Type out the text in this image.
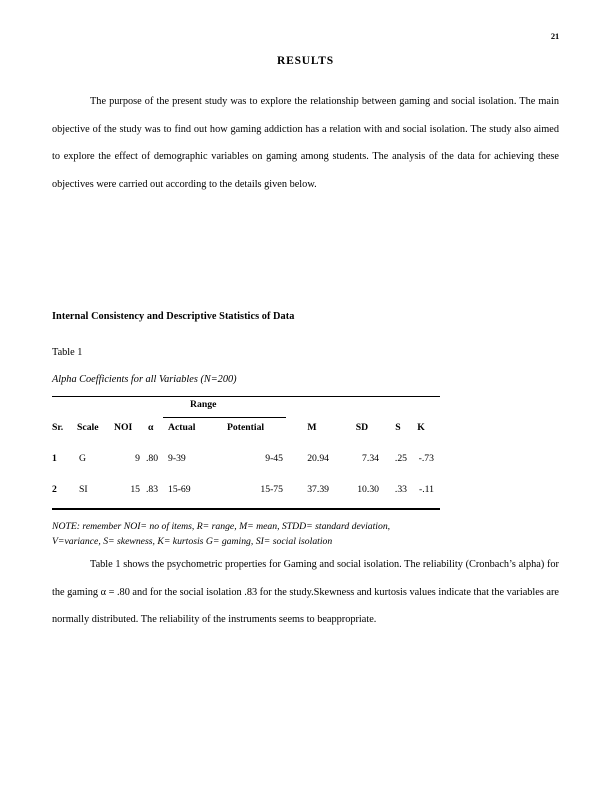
21
RESULTS
The purpose of the present study was to explore the relationship between gaming and social isolation. The main objective of the study was to find out how gaming addiction has a relation with and social isolation. The study also aimed to explore the effect of demographic variables on gaming among students. The analysis of the data for achieving these objectives were carried out according to the details given below.
Internal Consistency and Descriptive Statistics of Data
Table 1
Alpha Coefficients for all Variables (N=200)
Range
Sr.	Scale	NOI	α	Actual	Potential	M	SD	S	K
1	G	9 .80	9-39	9-45	20.94	7.34	.25	-.73
2	SI	15 .83	15-69	15-75	37.39	10.30	.33	-.11
NOTE: remember NOI= no of items, R= range, M= mean, STDD= standard deviation,
V=variance, S= skewness, K= kurtosis G= gaming, SI= social isolation
Table 1 shows the psychometric properties for Gaming and social isolation. The reliability (Cronbach’s alpha) for the gaming α = .80 and for the social isolation .83 for the study.Skewness and kurtosis values indicate that the variables are normally distributed. The reliability of the instruments seems to beappropriate.
